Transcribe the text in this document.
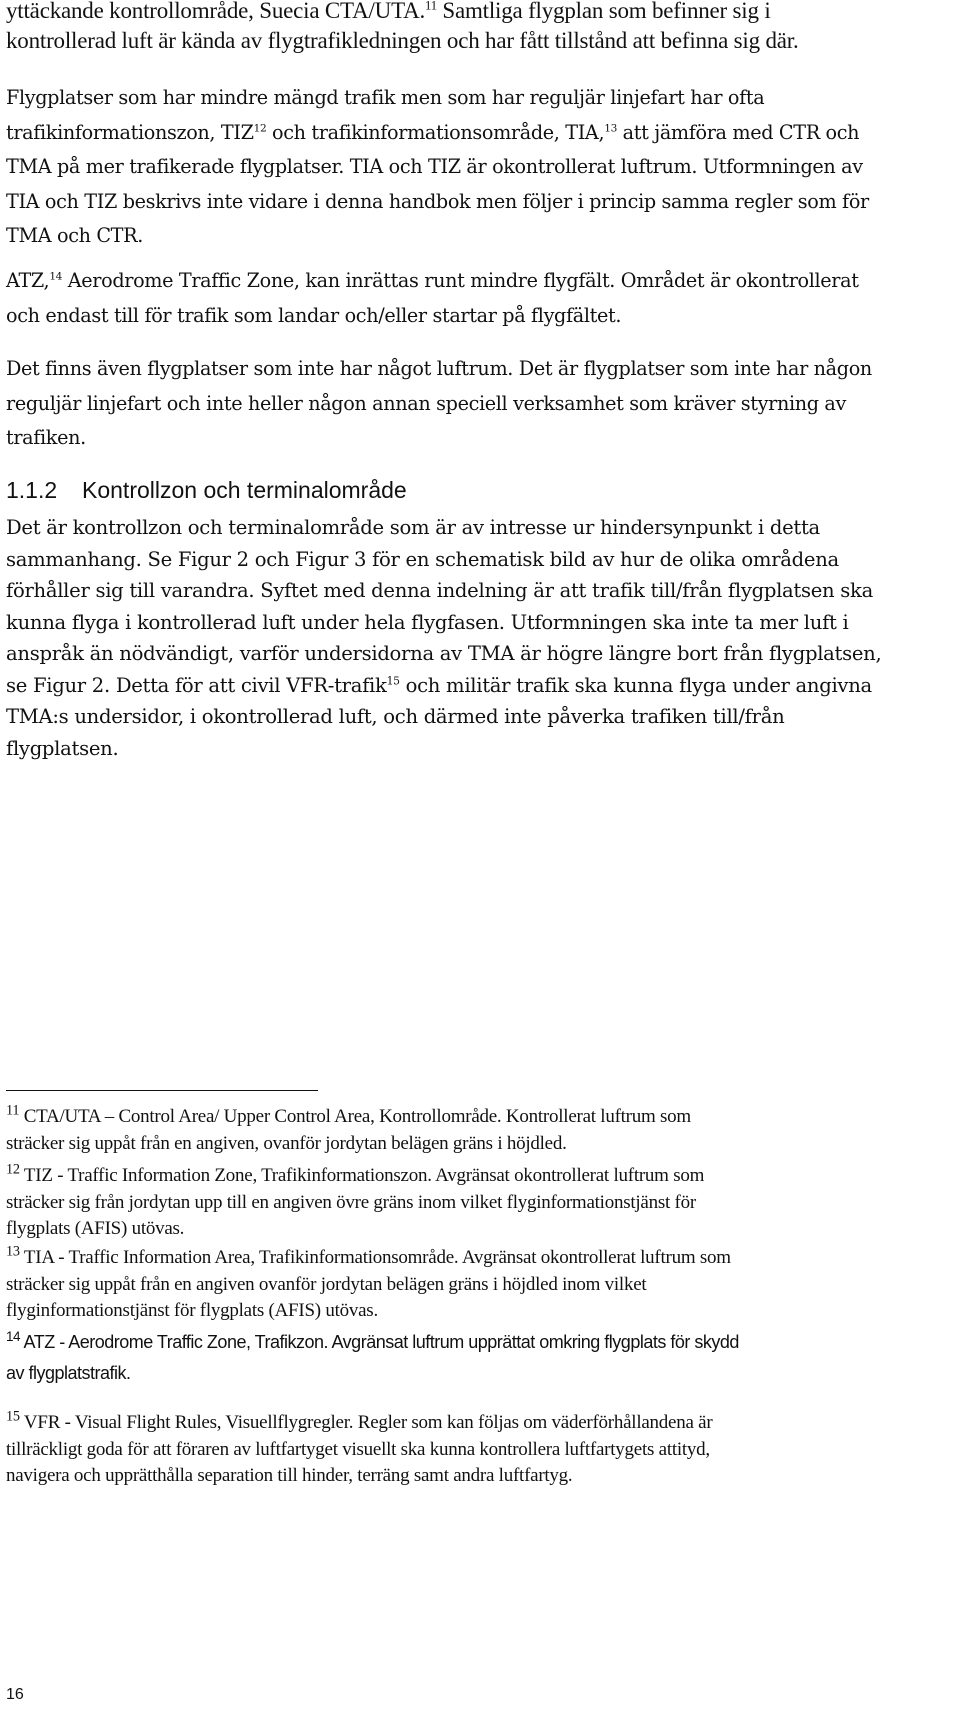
yttäckande kontrollområde, Suecia CTA/UTA.$^{11}$ Samtliga flygplan som befinner sig i
kontrollerad luft är kända av flygtrafikledningen och har fått tillstånd att befinna sig där.

Flygplatser som har mindre mängd trafik men som har reguljär linjefart har ofta
trafikinformationszon, TIZ$^{12}$ och trafikinformationsområde, TIA,$^{13}$ att jämföra med CTR och
TMA på mer trafikerade flygplatser. TIA och TIZ är okontrollerat luftrum. Utformningen av
TIA och TIZ beskrivs inte vidare i denna handbok men följer i princip samma regler som för
TMA och CTR.

ATZ,$^{14}$ Aerodrome Traffic Zone, kan inrättas runt mindre flygfält. Området är okontrollerat
och endast till för trafik som landar och/eller startar på flygfältet.

Det finns även flygplatser som inte har något luftrum. Det är flygplatser som inte har någon
reguljär linjefart och inte heller någon annan speciell verksamhet som kräver styrning av
trafiken.

1.1.2 Kontrollzon och terminalområde

Det är kontrollzon och terminalområde som är av intresse ur hindersynpunkt i detta
sammanhang. Se Figur 2 och Figur 3 för en schematisk bild av hur de olika områdena
förhåller sig till varandra. Syftet med denna indelning är att trafik till/från flygplatsen ska
kunna flyga i kontrollerad luft under hela flygfasen. Utformningen ska inte ta mer luft i
anspråk än nödvändigt, varför undersidorna av TMA är högre längre bort från flygplatsen,
se Figur 2. Detta för att civil VFR-trafik$^{15}$ och militär trafik ska kunna flyga under angivna
TMA:s undersidor, i okontrollerad luft, och därmed inte påverka trafiken till/från
flygplatsen.

$^{11}$ CTA/UTA – Control Area/ Upper Control Area, Kontrollområde. Kontrollerat luftrum som
sträcker sig uppåt från en angiven, ovanför jordytan belägen gräns i höjdled.
$^{12}$ TIZ - Traffic Information Zone, Trafikinformationszon. Avgränsat okontrollerat luftrum som
sträcker sig från jordytan upp till en angiven övre gräns inom vilket flyginformationstjänst för
flygplats (AFIS) utövas.
$^{13}$ TIA - Traffic Information Area, Trafikinformationsområde. Avgränsat okontrollerat luftrum som
sträcker sig uppåt från en angiven ovanför jordytan belägen gräns i höjdled inom vilket
flyginformationstjänst för flygplats (AFIS) utövas.
$^{14}$ ATZ - Aerodrome Traffic Zone, Trafikzon. Avgränsat luftrum upprättat omkring flygplats för skydd
av flygplatstrafik.
$^{15}$ VFR - Visual Flight Rules, Visuellflygregler. Regler som kan följas om väderförhållandena är
tillräckligt goda för att föraren av luftfartyget visuellt ska kunna kontrollera luftfartygets attityd,
navigera och upprätthålla separation till hinder, terräng samt andra luftfartyg.
16
